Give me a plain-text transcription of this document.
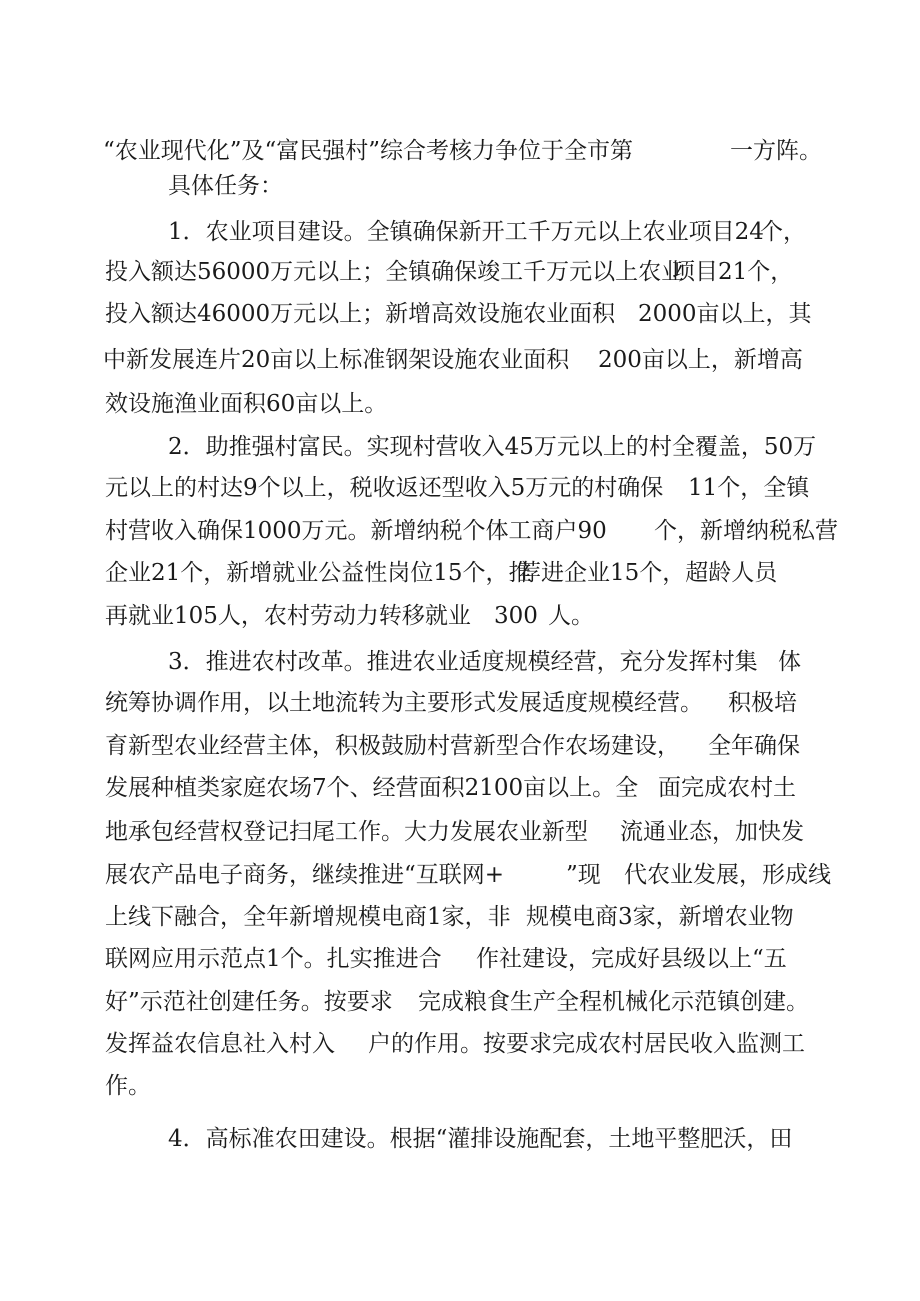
“农业现代化”及“富民强村”综合考核力争位于全市第

	一方阵。

具体任务：

1．农业项目建设。全镇确保新开工千万元以上农业项目24

个，

投入额达56000万元以上；全镇确保竣工千万元以上农业

项目21个，

投入额达46000万元以上；新增高效设施农业面积

2000亩以上，其

中新发展连片20亩以上标准钢架设施农业面积

200亩以上，新增高

效设施渔业面积60亩以上。

2．助推强村富民。实现村营收入45万元以上的村全覆盖，50万

元以上的村达9个以上，税收返还型收入5万元的村确保

11个，全镇

村营收入确保1000万元。新增纳税个体工商户90

个，新增纳税私营

企业21个，新增就业公益性岗位15个，推

荐进企业15个，超龄人员

再就业105人，农村劳动力转移就业

300

人。

3．推进农村改革。推进农业适度规模经营，充分发挥村集

体

统筹协调作用，以土地流转为主要形式发展适度规模经营。

积极培

育新型农业经营主体，积极鼓励村营新型合作农场建设，

全年确保

发展种植类家庭农场7个、经营面积2100亩以上。全

面完成农村土

地承包经营权登记扫尾工作。大力发展农业新型

流通业态，加快发

展农产品电子商务，继续推进“互联网+

	”现

代农业发展，形成线

上线下融合，全年新增规模电商1家，非

规模电商3家，新增农业物

联网应用示范点1个。扎实推进合

作社建设，完成好县级以上“五

好”示范社创建任务。按要求

完成粮食生产全程机械化示范镇创建。

发挥益农信息社入村入

户的作用。按要求完成农村居民收入监测工

作。

4．高标准农田建设。根据“灌排设施配套，土地平整肥沃，田
